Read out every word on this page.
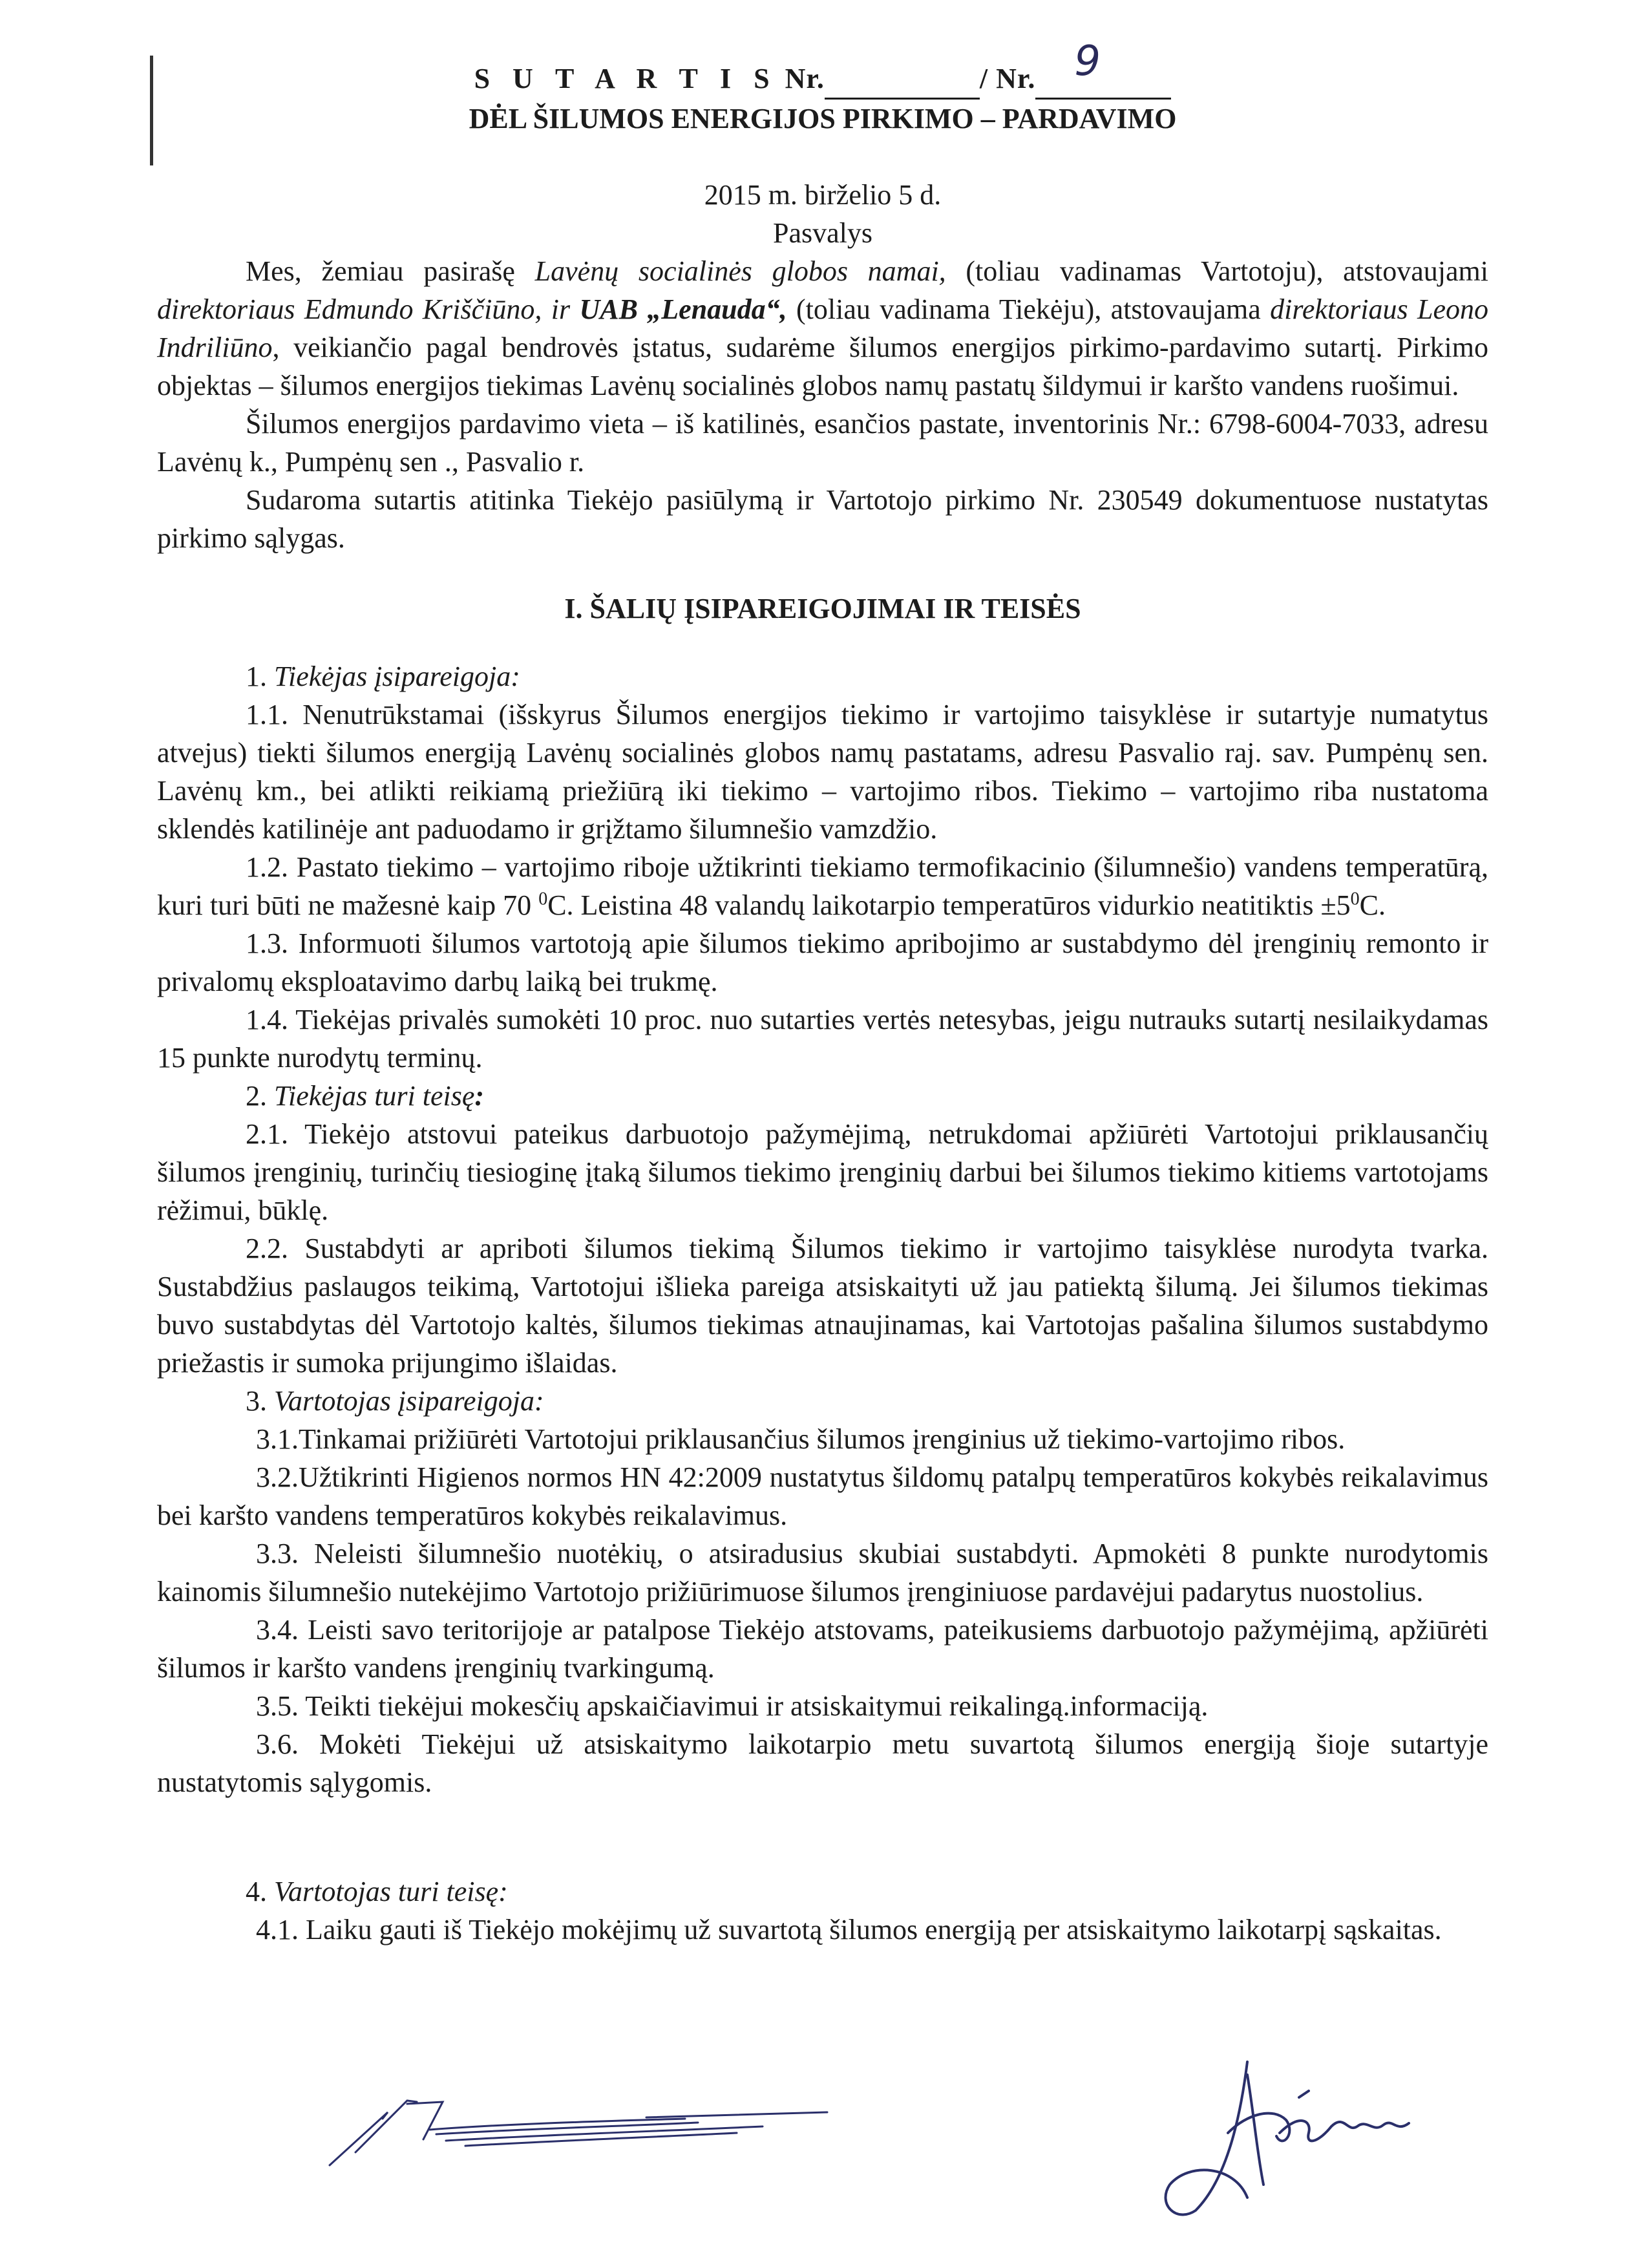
S U T A R T I S Nr.	/ Nr. 9
DĖL ŠILUMOS ENERGIJOS PIRKIMO – PARDAVIMO
2015 m. birželio 5 d.
Pasvalys

Mes, žemiau pasirašę Lavėnų socialinės globos namai, (toliau vadinamas Vartotoju), atstovaujami direktoriaus Edmundo Kriščiūno, ir UAB „Lenauda“, (toliau vadinama Tiekėju), atstovaujama direktoriaus Leono Indriliūno, veikiančio pagal bendrovės įstatus, sudarėme šilumos energijos pirkimo-pardavimo sutartį. Pirkimo objektas – šilumos energijos tiekimas Lavėnų socialinės globos namų pastatų šildymui ir karšto vandens ruošimui.

Šilumos energijos pardavimo vieta – iš katilinės, esančios pastate, inventorinis Nr.: 6798-6004-7033, adresu Lavėnų k., Pumpėnų sen ., Pasvalio r.

Sudaroma sutartis atitinka Tiekėjo pasiūlymą ir Vartotojo pirkimo Nr. 230549 dokumentuose nustatytas pirkimo sąlygas.

I. ŠALIŲ ĮSIPAREIGOJIMAI IR TEISĖS

1. Tiekėjas įsipareigoja:

1.1. Nenutrūkstamai (išskyrus Šilumos energijos tiekimo ir vartojimo taisyklėse ir sutartyje numatytus atvejus) tiekti šilumos energiją Lavėnų socialinės globos namų pastatams, adresu Pasvalio raj. sav. Pumpėnų sen. Lavėnų km., bei atlikti reikiamą priežiūrą iki tiekimo – vartojimo ribos. Tiekimo – vartojimo riba nustatoma sklendės katilinėje ant paduodamo ir grįžtamo šilumnešio vamzdžio.

1.2. Pastato tiekimo – vartojimo riboje užtikrinti tiekiamo termofikacinio (šilumnešio) vandens temperatūrą, kuri turi būti ne mažesnė kaip 70 $^0$C. Leistina 48 valandų laikotarpio temperatūros vidurkio neatitiktis $\pm 5^0C$.

1.3. Informuoti šilumos vartotoją apie šilumos tiekimo apribojimo ar sustabdymo dėl įrenginių remonto ir privalomų eksploatavimo darbų laiką bei trukmę.

1.4. Tiekėjas privalės sumokėti 10 proc. nuo sutarties vertės netesybas, jeigu nutrauks sutartį nesilaikydamas 15 punkte nurodytų terminų.

2. Tiekėjas turi teisę:

2.1. Tiekėjo atstovui pateikus darbuotojo pažymėjimą, netrukdomai apžiūrėti Vartotojui priklausančių šilumos įrenginių, turinčių tiesioginę įtaką šilumos tiekimo įrenginių darbui bei šilumos tiekimo kitiems vartotojams rėžimui, būklę.

2.2. Sustabdyti ar apriboti šilumos tiekimą Šilumos tiekimo ir vartojimo taisyklėse nurodyta tvarka. Sustabdžius paslaugos teikimą, Vartotojui išlieka pareiga atsiskaityti už jau patiektą šilumą. Jei šilumos tiekimas buvo sustabdytas dėl Vartotojo kaltės, šilumos tiekimas atnaujinamas, kai Vartotojas pašalina šilumos sustabdymo priežastis ir sumoka prijungimo išlaidas.

3. Vartotojas įsipareigoja:

3.1.Tinkamai prižiūrėti Vartotojui priklausančius šilumos įrenginius už tiekimo-vartojimo ribos.

3.2.Užtikrinti Higienos normos HN 42:2009 nustatytus šildomų patalpų temperatūros kokybės reikalavimus bei karšto vandens temperatūros kokybės reikalavimus.

3.3. Neleisti šilumnešio nuotėkių, o atsiradusius skubiai sustabdyti. Apmokėti 8 punkte nurodytomis kainomis šilumnešio nutekėjimo Vartotojo prižiūrimuose šilumos įrenginiuose pardavėjui padarytus nuostolius.

3.4. Leisti savo teritorijoje ar patalpose Tiekėjo atstovams, pateikusiems darbuotojo pažymėjimą, apžiūrėti šilumos ir karšto vandens įrenginių tvarkingumą.

3.5. Teikti tiekėjui mokesčių apskaičiavimui ir atsiskaitymui reikalingą.informaciją.

3.6. Mokėti Tiekėjui už atsiskaitymo laikotarpio metu suvartotą šilumos energiją šioje sutartyje nustatytomis sąlygomis.

4. Vartotojas turi teisę:

4.1. Laiku gauti iš Tiekėjo mokėjimų už suvartotą šilumos energiją per atsiskaitymo laikotarpį sąskaitas.
